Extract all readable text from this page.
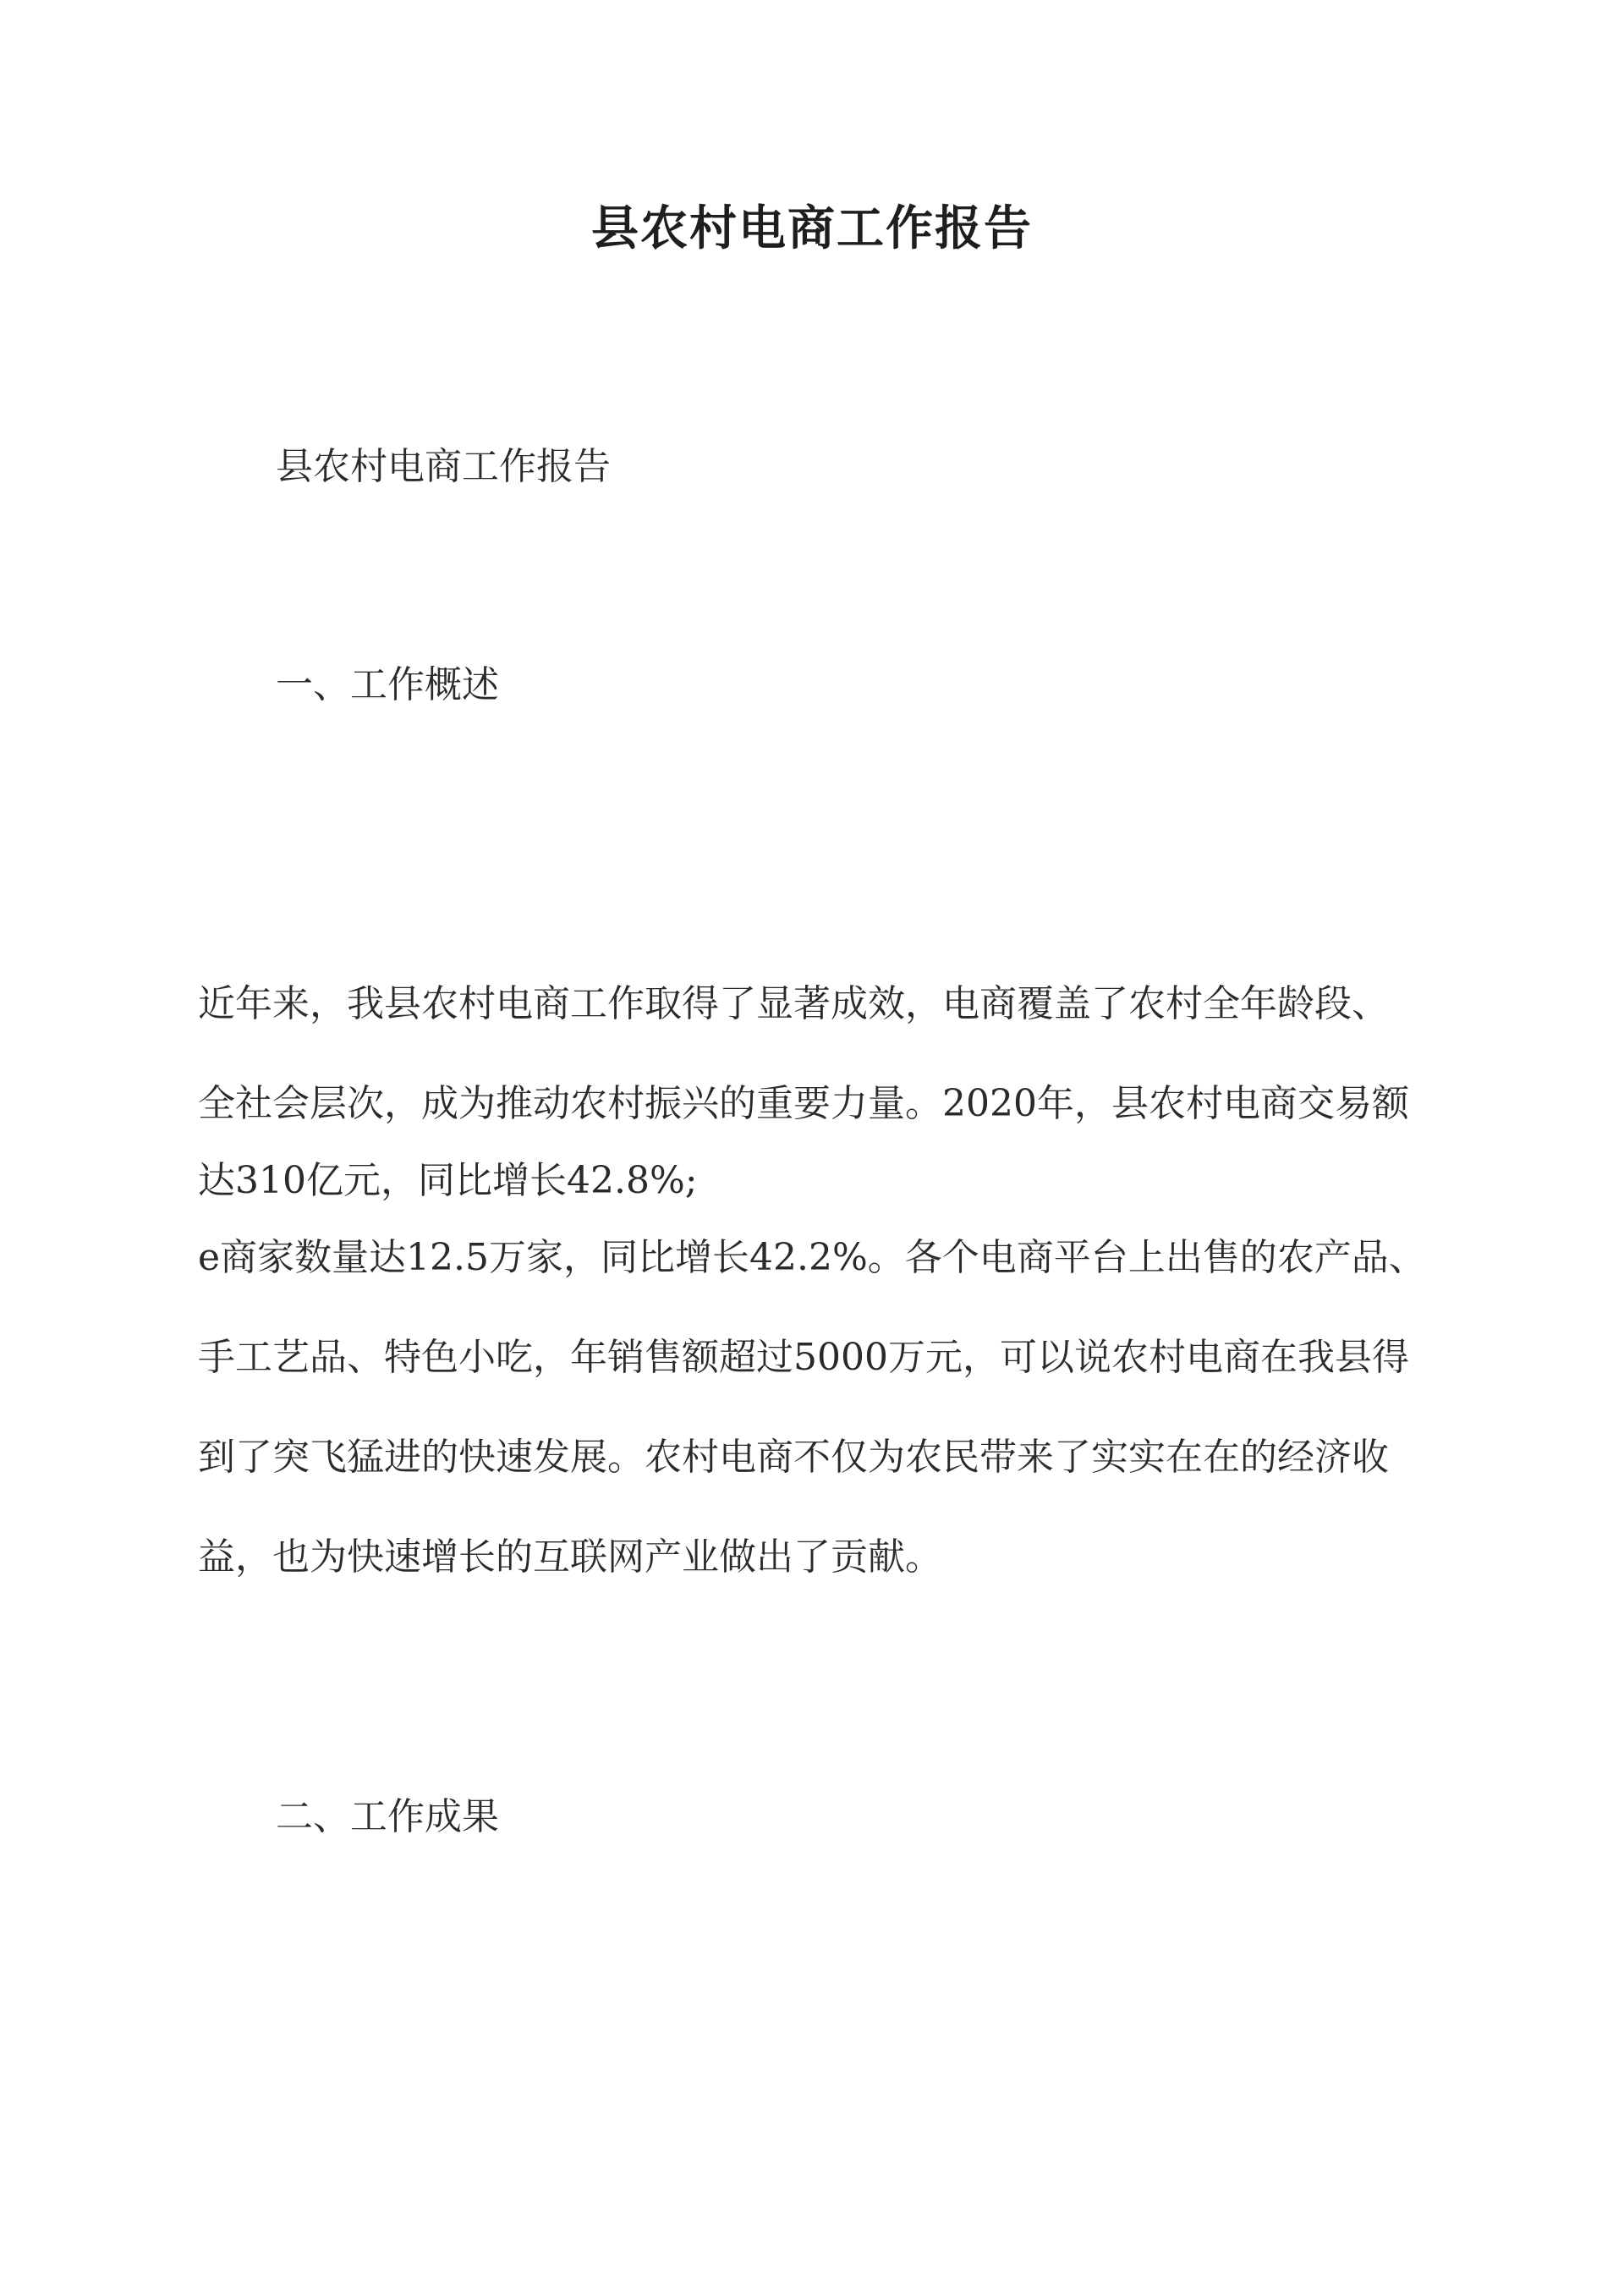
县农村电商工作报告
县农村电商工作报告
一、工作概述
近年来，我县农村电商工作取得了显著成效，电商覆盖了农村全年龄段、
全社会层次，成为推动农村振兴的重要力量。2020年，县农村电商交易额
达310亿元，同比增长42.8%;
e商家数量达12.5万家，同比增长42.2%。各个电商平台上出售的农产品、
手工艺品、特色小吃，年销售额超过5000万元，可以说农村电商在我县得
到了突飞猛进的快速发展。农村电商不仅为农民带来了实实在在的经济收
益，也为快速增长的互联网产业做出了贡献。
二、工作成果
